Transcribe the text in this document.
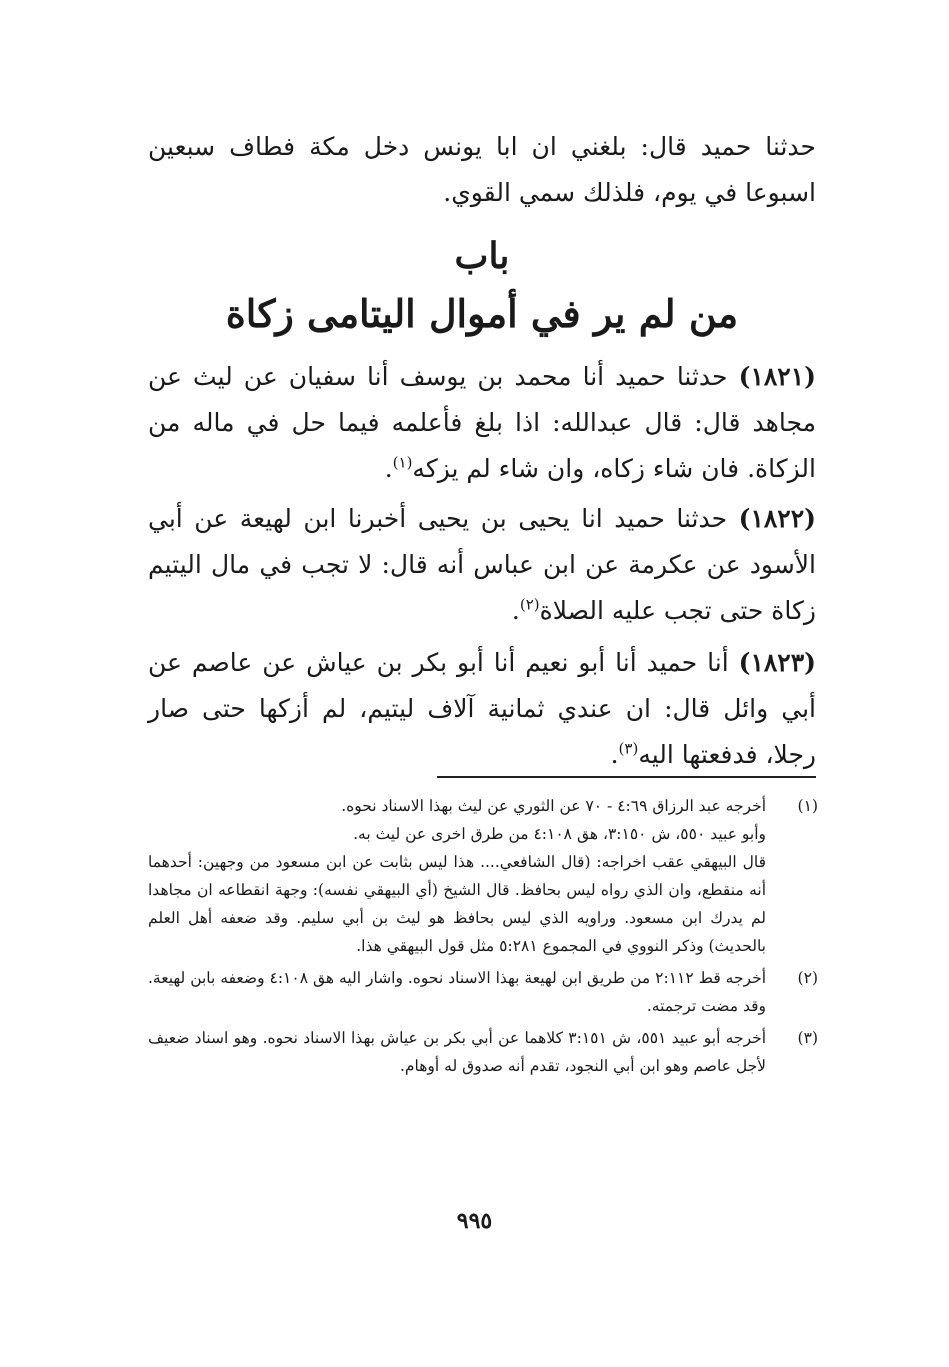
حدثنا حميد قال: بلغني ان ابا يونس دخل مكة فطاف سبعين اسبوعا في يوم، فلذلك سمي القوي.
باب
من لم ير في أموال اليتامى زكاة
(١٨٢١) حدثنا حميد أنا محمد بن يوسف أنا سفيان عن ليث عن مجاهد قال: قال عبدالله: اذا بلغ فأعلمه فيما حل في ماله من الزكاة. فان شاء زكاه، وان شاء لم يزكه$^{(١)}$.
(١٨٢٢) حدثنا حميد انا يحيى بن يحيى أخبرنا ابن لهيعة عن أبي الأسود عن عكرمة عن ابن عباس أنه قال: لا تجب في مال اليتيم زكاة حتى تجب عليه الصلاة$^{(٢)}$.
(١٨٢٣) أنا حميد أنا أبو نعيم أنا أبو بكر بن عياش عن عاصم عن أبي وائل قال: ان عندي ثمانية آلاف ليتيم، لم أزكها حتى صار رجلا، فدفعتها اليه$^{(٣)}$.
(١)
أخرجه عبد الرزاق ٤:٦٩ - ٧٠ عن الثوري عن ليث بهذا الاسناد نحوه.
وأبو عبيد ٥٥٠، ش ٣:١٥٠، هق ٤:١٠٨ من طرق اخرى عن ليث به.
قال البيهقي عقب اخراجه: (قال الشافعي.... هذا ليس بثابت عن ابن مسعود من وجهين: أحدهما أنه منقطع، وان الذي رواه ليس بحافظ. قال الشيخ (أي البيهقي نفسه): وجهة انقطاعه ان مجاهدا لم يدرك ابن مسعود. وراويه الذي ليس بحافظ هو ليث بن أبي سليم. وقد ضعفه أهل العلم بالحديث) وذكر النووي في المجموع ٥:٢٨١ مثل قول البيهقي هذا.
(٢)
أخرجه قط ٢:١١٢ من طريق ابن لهيعة بهذا الاسناد نحوه. واشار اليه هق ٤:١٠٨ وضعفه بابن لهيعة. وقد مضت ترجمته.
(٣)
أخرجه أبو عبيد ٥٥١، ش ٣:١٥١ كلاهما عن أبي بكر بن عياش بهذا الاسناد نحوه. وهو اسناد ضعيف لأجل عاصم وهو ابن أبي النجود، تقدم أنه صدوق له أوهام.
٩٩٥
